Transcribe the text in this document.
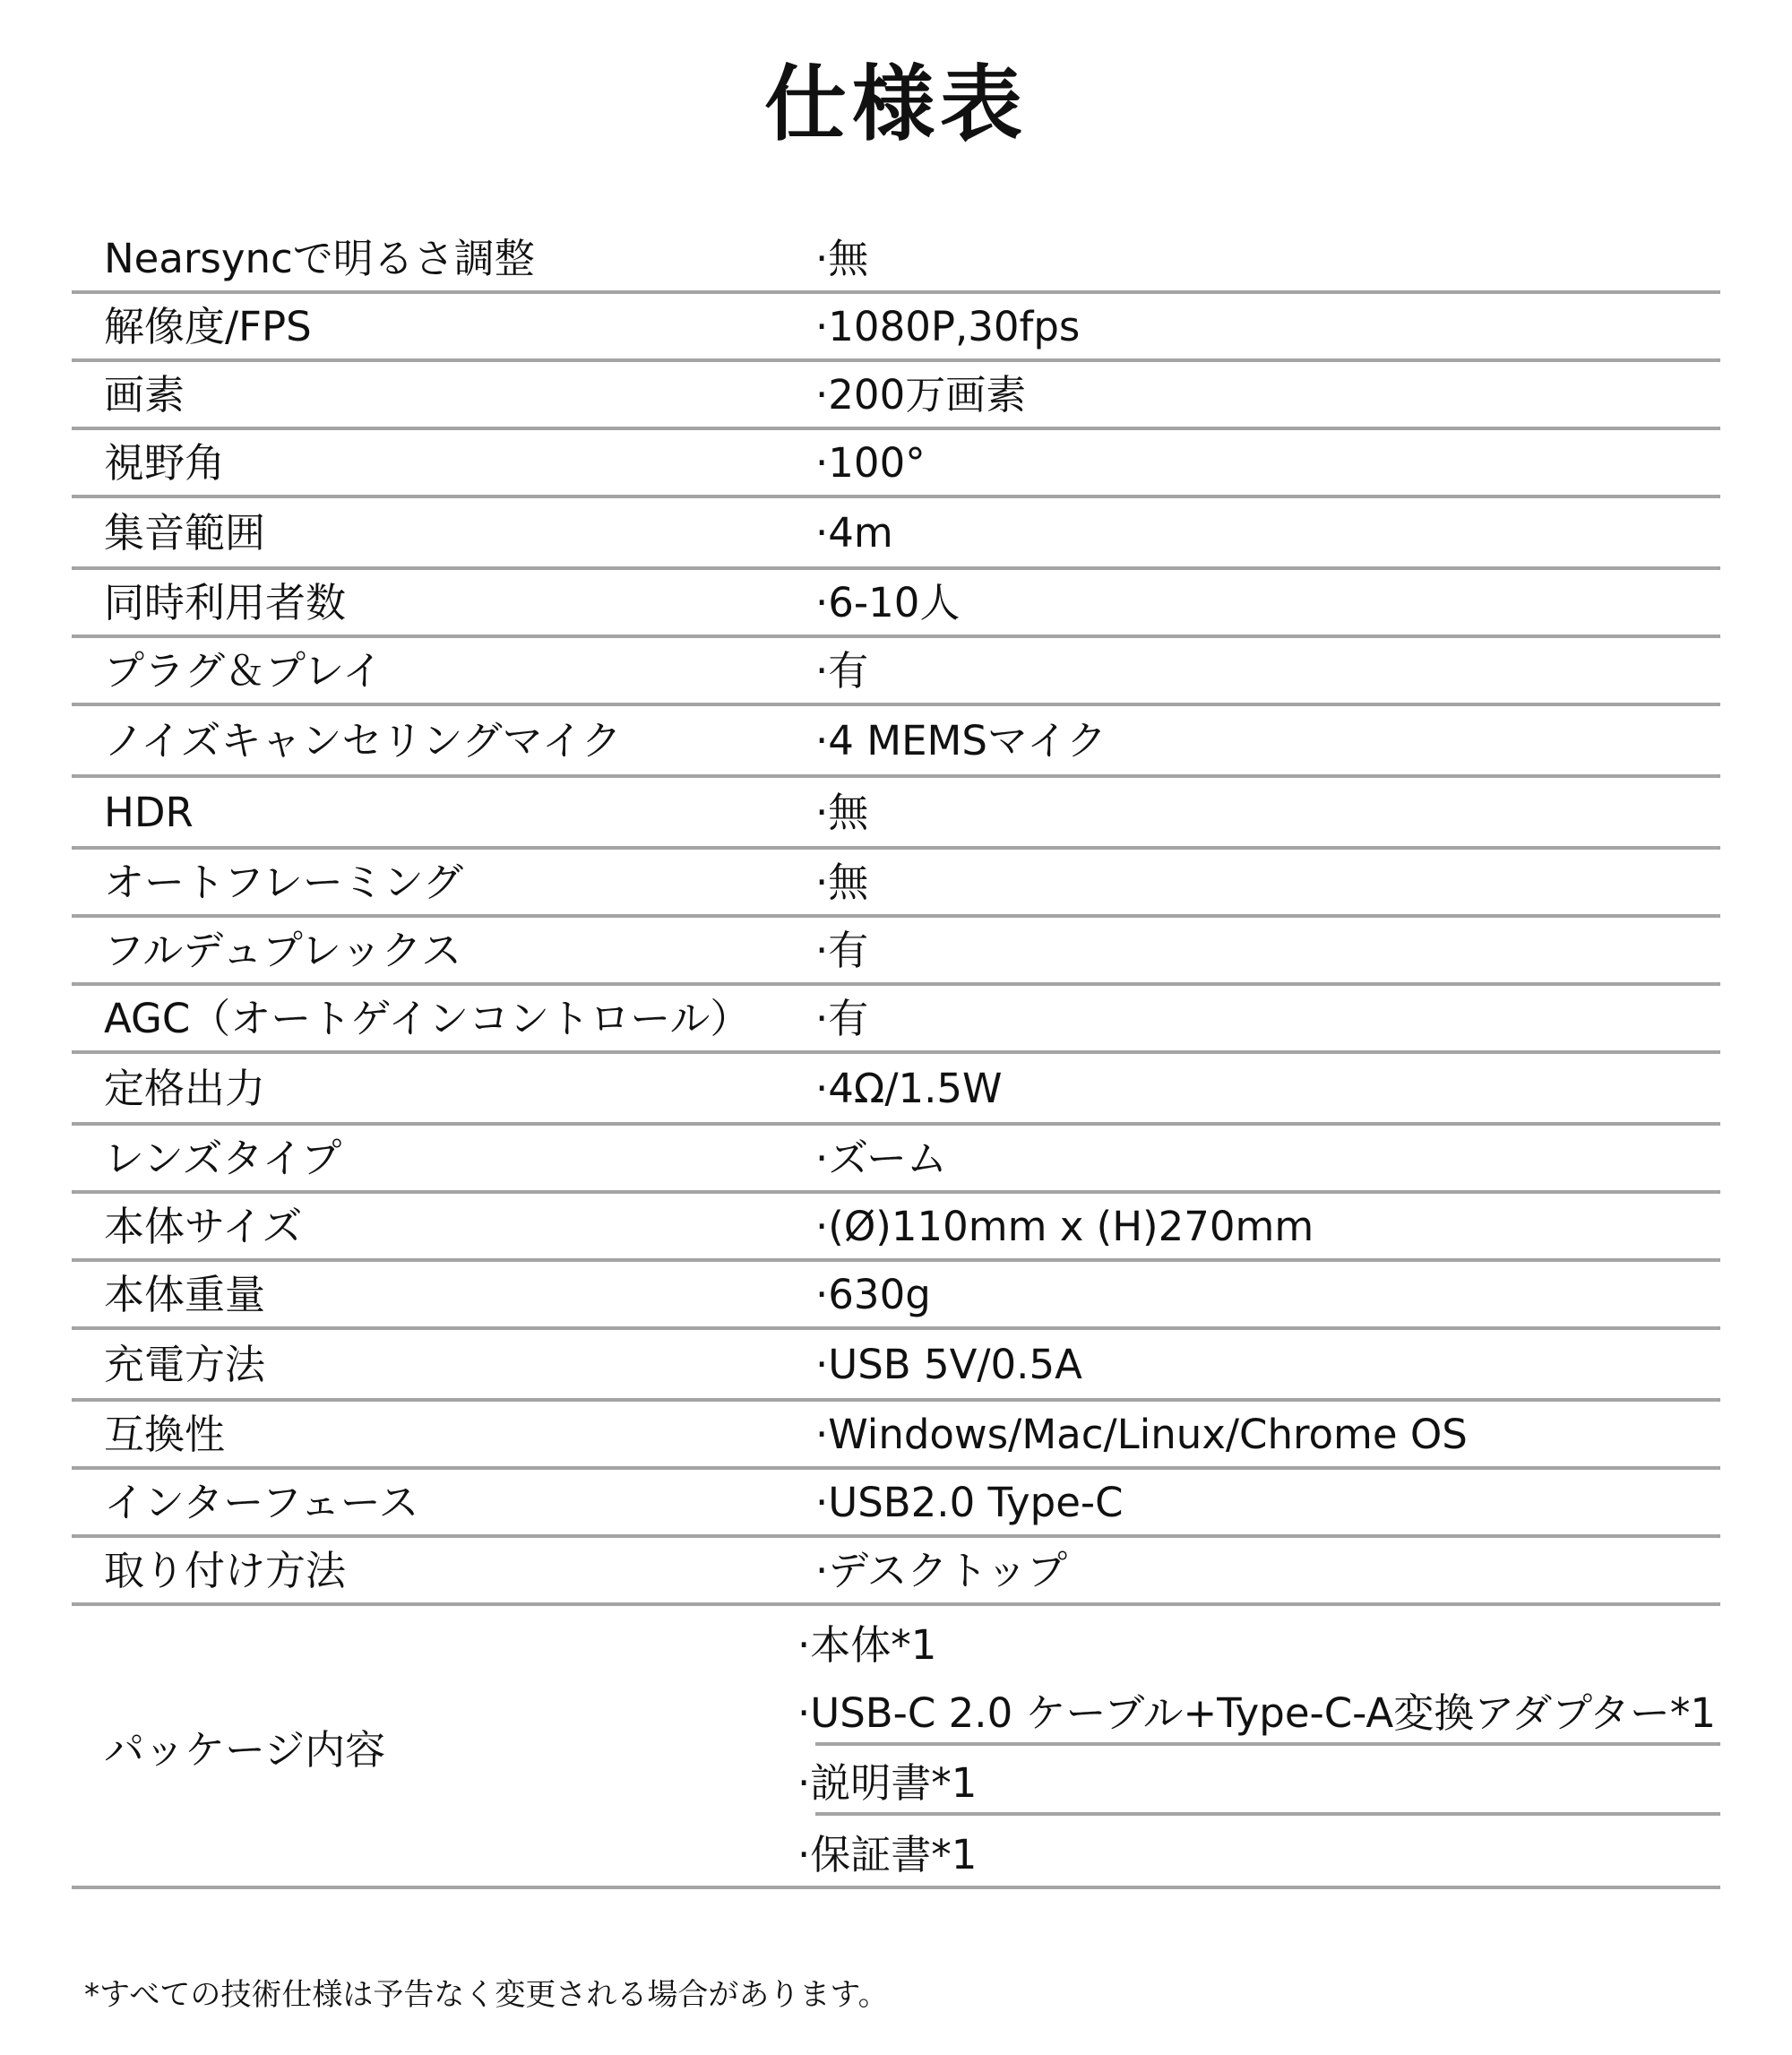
仕様表
Nearsyncで明るさ調整	·無
解像度/FPS	·1080P,30fps
画素	·200万画素
視野角	·100°
集音範囲	·4m
同時利用者数	·6-10人
プラグ＆プレイ	·有
ノイズキャンセリングマイク	·4 MEMSマイク
HDR	·無
オートフレーミング	·無
フルデュプレックス	·有
AGC（オートゲインコントロール）	·有
定格出力	·4Ω/1.5W
レンズタイプ	·ズーム
本体サイズ	·(Ø)110mm x (H)270mm
本体重量	·630g
充電方法	·USB 5V/0.5A
互換性	·Windows/Mac/Linux/Chrome OS
インターフェース	·USB2.0 Type-C
取り付け方法	·デスクトップ
パッケージ内容
·本体*1
·USB-C 2.0 ケーブル+Type-C-A変換アダプター*1
·説明書*1
·保証書*1
*すべての技術仕様は予告なく変更される場合があります。
